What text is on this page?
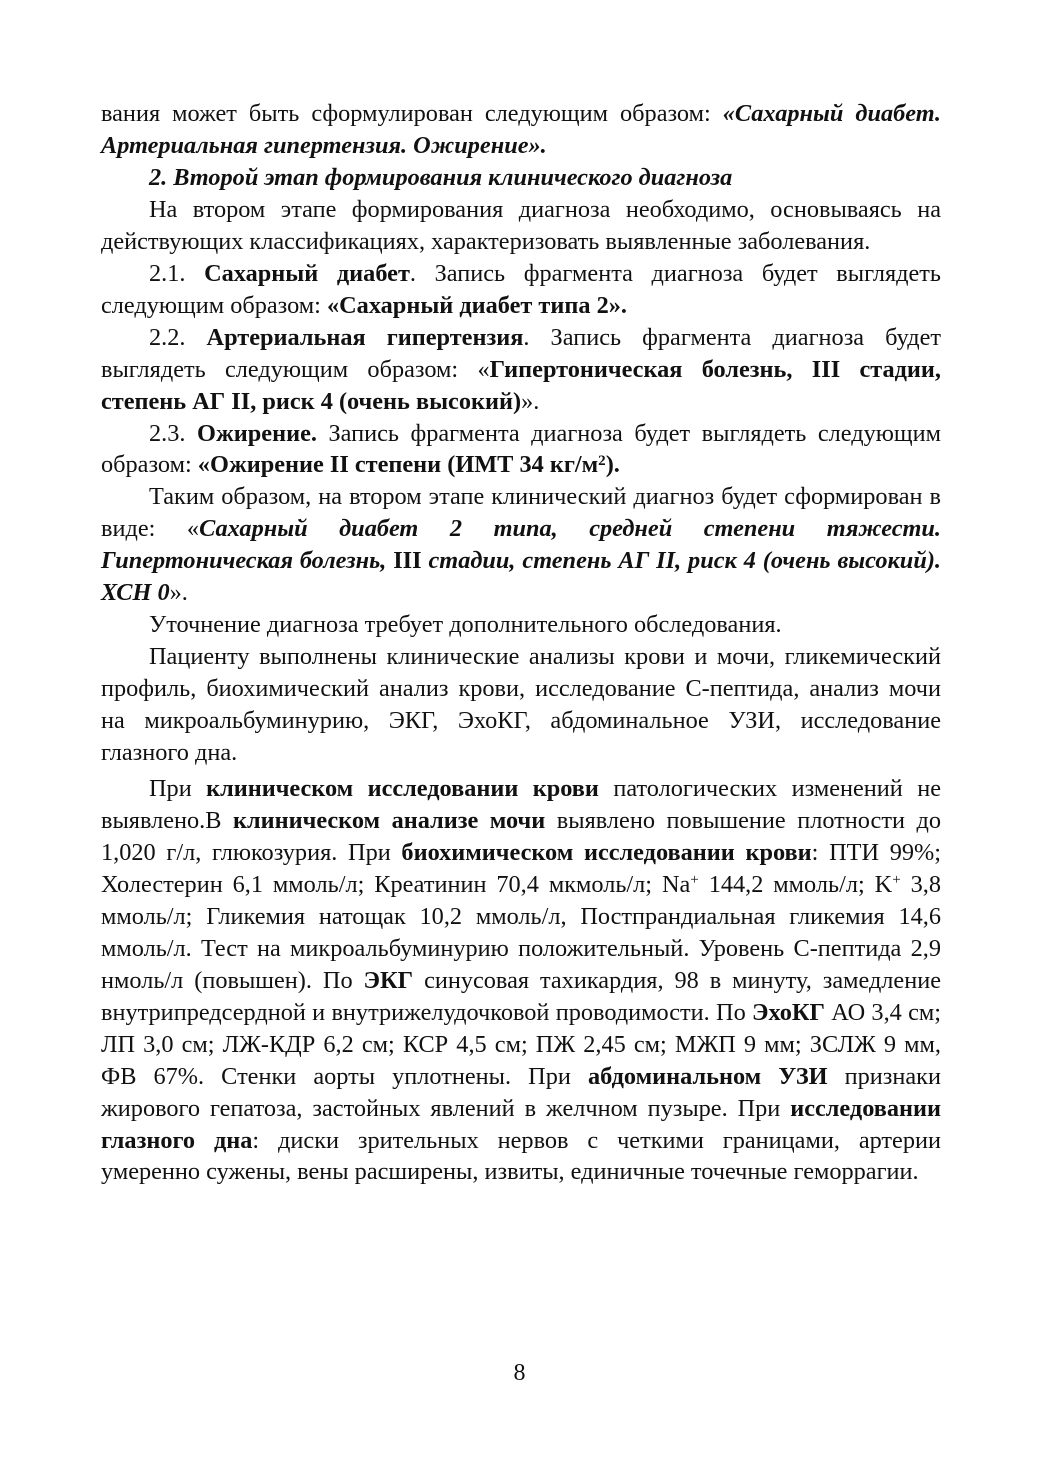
вания может быть сформулирован следующим образом: «Сахарный диабет. Артериальная гипертензия. Ожирение».

2. Второй этап формирования клинического диагноза

На втором этапе формирования диагноза необходимо, основываясь на действующих классификациях, характеризовать выявленные заболевания.

2.1. Сахарный диабет. Запись фрагмента диагноза будет выглядеть следующим образом: «Сахарный диабет типа 2».

2.2. Артериальная гипертензия. Запись фрагмента диагноза будет выглядеть следующим образом: «Гипертоническая болезнь, III стадии, степень АГ II, риск 4 (очень высокий)».

2.3. Ожирение. Запись фрагмента диагноза будет выглядеть следующим образом: «Ожирение II степени (ИМТ 34 $кг/м^2$).

Таким образом, на втором этапе клинический диагноз будет сформирован в виде: «Сахарный диабет 2 типа, средней степени тяжести. Гипертоническая болезнь, III стадии, степень АГ II, риск 4 (очень высокий). ХСН 0».

Уточнение диагноза требует дополнительного обследования.

Пациенту выполнены клинические анализы крови и мочи, гликемический профиль, биохимический анализ крови, исследование С-пептида, анализ мочи на микроальбуминурию, ЭКГ, ЭхоКГ, абдоминальное УЗИ, исследование глазного дна.

При клиническом исследовании крови патологических изменений не выявлено.В клиническом анализе мочи выявлено повышение плотности до 1,020 г/л, глюкозурия. При биохимическом исследовании крови: ПТИ 99%; Холестерин 6,1 ммоль/л; Креатинин 70,4 мкмоль/л; Na+ 144,2 ммоль/л; K+ 3,8 ммоль/л; Гликемия натощак 10,2 ммоль/л, Постпрандиальная гликемия 14,6 ммоль/л. Тест на микроальбуминурию положительный. Уровень С-пептида 2,9 нмоль/л (повышен). По ЭКГ синусовая тахикардия, 98 в минуту, замедление внутрипредсердной и внутрижелудочковой проводимости. По ЭхоКГ АО 3,4 см; ЛП 3,0 см; ЛЖ-КДР 6,2 см; КСР 4,5 см; ПЖ 2,45 см; МЖП 9 мм; ЗСЛЖ 9 мм, ФВ 67%. Стенки аорты уплотнены. При абдоминальном УЗИ признаки жирового гепатоза, застойных явлений в желчном пузыре. При исследовании глазного дна: диски зрительных нервов с четкими границами, артерии умеренно сужены, вены расширены, извиты, единичные точечные геморрагии.

8
